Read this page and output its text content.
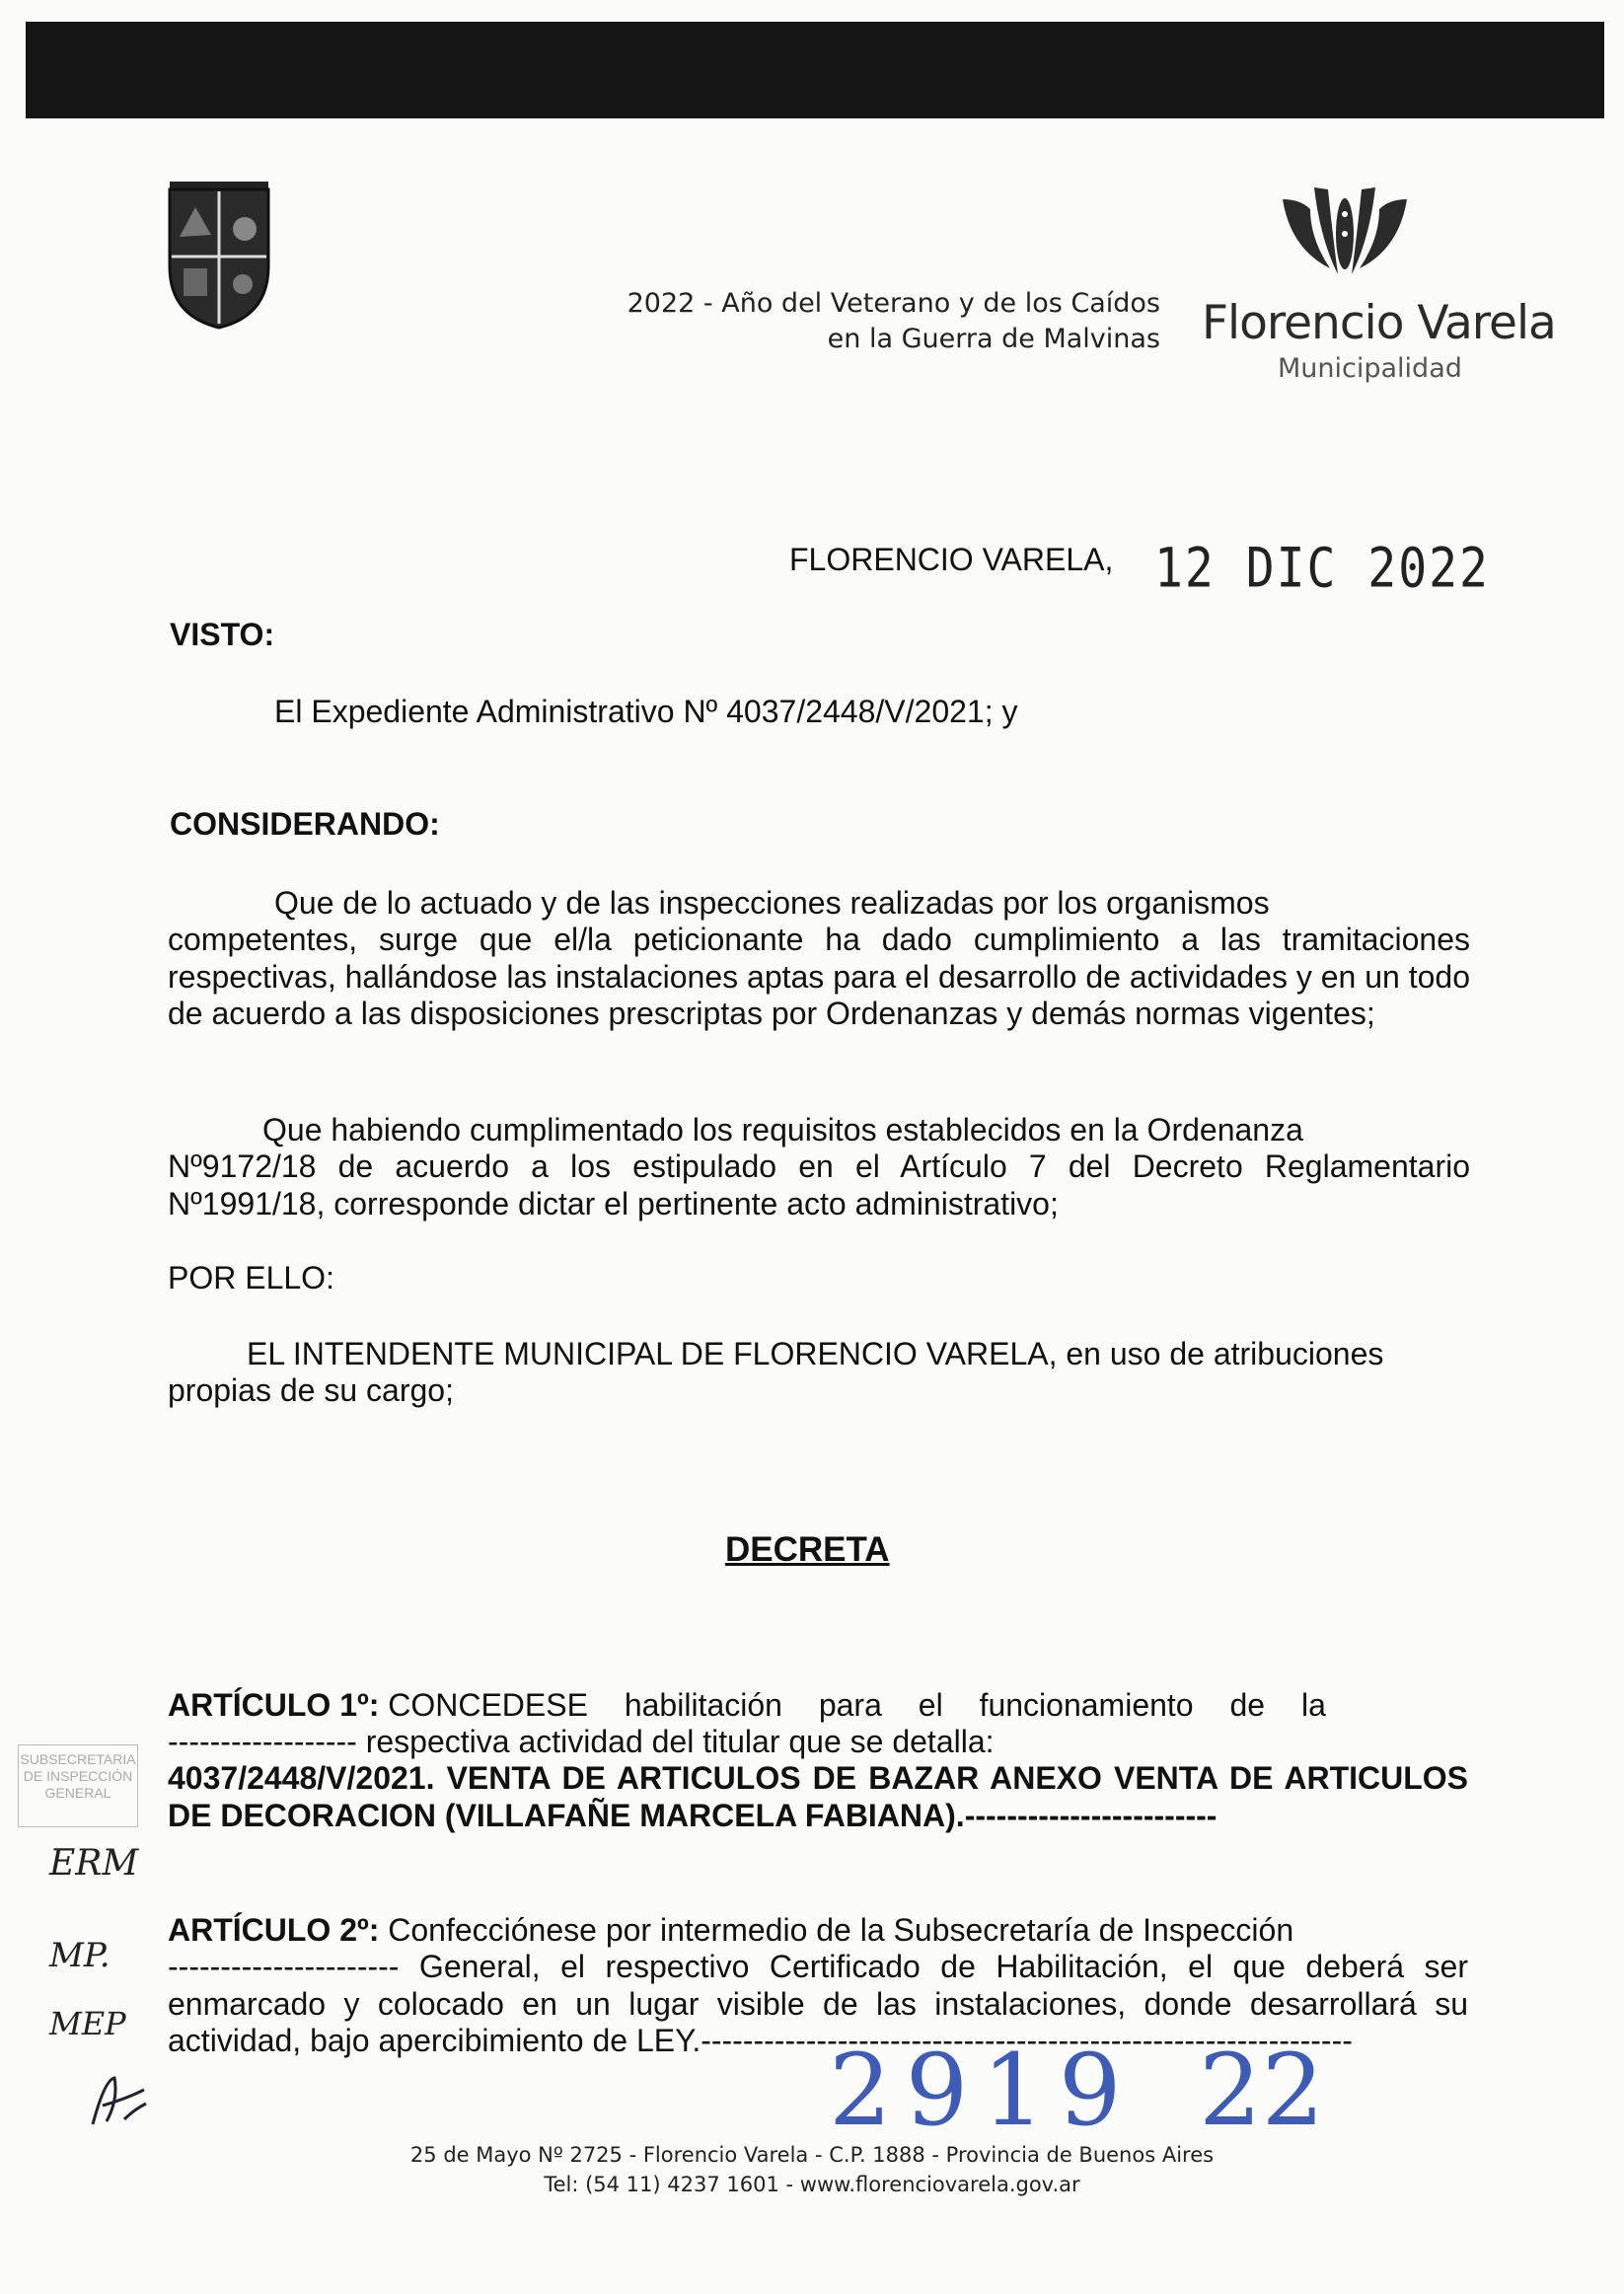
2022 - Año del Veterano y de los Caídos
en la Guerra de Malvinas Florencio Varela
Municipalidad
FLORENCIO VARELA, 12 DIC 2022
VISTO:
El Expediente Administrativo Nº 4037/2448/V/2021; y
CONSIDERANDO:
Que de lo actuado y de las inspecciones realizadas por los organismos
competentes, surge que el/la peticionante ha dado cumplimiento a las tramitaciones respectivas, hallándose las instalaciones aptas para el desarrollo de actividades y en un todo de acuerdo a las disposiciones prescriptas por Ordenanzas y demás normas vigentes;
Que habiendo cumplimentado los requisitos establecidos en la Ordenanza
Nº9172/18 de acuerdo a los estipulado en el Artículo 7 del Decreto Reglamentario Nº1991/18, corresponde dictar el pertinente acto administrativo;
POR ELLO:
EL INTENDENTE MUNICIPAL DE FLORENCIO VARELA, en uso de atribuciones
propias de su cargo;
DECRETA
ARTÍCULO 1º: CONCEDESE habilitación para el funcionamiento de la
------------------ respectiva actividad del titular que se detalla:
4037/2448/V/2021. VENTA DE ARTICULOS DE BAZAR ANEXO VENTA DE ARTICULOS DE DECORACION (VILLAFAÑE MARCELA FABIANA).------------------------
ARTÍCULO 2º: Confecciónese por intermedio de la Subsecretaría de Inspección
---------------------- General, el respectivo Certificado de Habilitación, el que deberá ser enmarcado y colocado en un lugar visible de las instalaciones, donde desarrollará su actividad, bajo apercibimiento de LEY.--------------------------------------------------------------
2919 22
SUBSECRETARIA DE INSPECCIÓN GENERAL
ERM
MP.
MEP
25 de Mayo Nº 2725 - Florencio Varela - C.P. 1888 - Provincia de Buenos Aires
Tel: (54 11) 4237 1601 - www.florenciovarela.gov.ar
